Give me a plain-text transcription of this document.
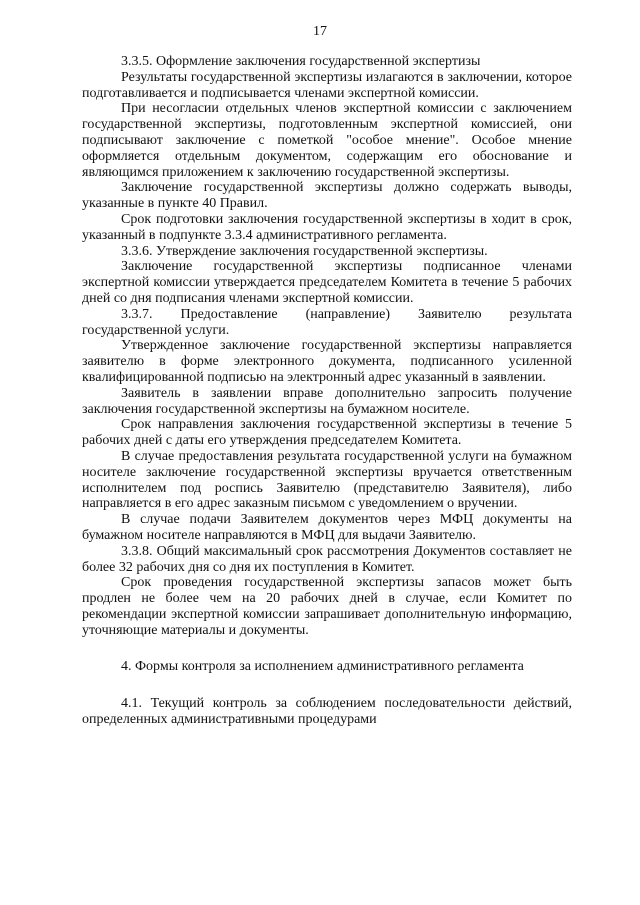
17

3.3.5. Оформление заключения государственной экспертизы

Результаты государственной экспертизы излагаются в заключении, которое подготавливается и подписывается членами экспертной комиссии.

При несогласии отдельных членов экспертной комиссии с заключением государственной экспертизы, подготовленным экспертной комиссией, они подписывают заключение с пометкой "особое мнение". Особое мнение оформляется отдельным документом, содержащим его обоснование и являющимся приложением к заключению государственной экспертизы.

Заключение государственной экспертизы должно содержать выводы, указанные в пункте 40 Правил.

Срок подготовки заключения государственной экспертизы в ходит в срок, указанный в подпункте 3.3.4 административного регламента.

3.3.6. Утверждение заключения государственной экспертизы.

Заключение государственной экспертизы подписанное членами экспертной комиссии утверждается председателем Комитета в течение 5 рабочих дней со дня подписания членами экспертной комиссии.

3.3.7. Предоставление (направление) Заявителю результата государственной услуги.

Утвержденное заключение государственной экспертизы направляется заявителю в форме электронного документа, подписанного усиленной квалифицированной подписью на электронный адрес указанный в заявлении.

Заявитель в заявлении вправе дополнительно запросить получение заключения государственной экспертизы на бумажном носителе.

Срок направления заключения государственной экспертизы в течение 5 рабочих дней с даты его утверждения председателем Комитета.

В случае предоставления результата государственной услуги на бумажном носителе заключение государственной экспертизы вручается ответственным исполнителем под роспись Заявителю (представителю Заявителя), либо направляется в его адрес заказным письмом с уведомлением о вручении.

В случае подачи Заявителем документов через МФЦ документы на бумажном носителе направляются в МФЦ для выдачи Заявителю.

3.3.8. Общий максимальный срок рассмотрения Документов составляет не более 32 рабочих дня со дня их поступления в Комитет.

Срок проведения государственной экспертизы запасов может быть продлен не более чем на 20 рабочих дней в случае, если Комитет по рекомендации экспертной комиссии запрашивает дополнительную информацию, уточняющие материалы и документы.

4. Формы контроля за исполнением административного регламента

4.1. Текущий контроль за соблюдением последовательности действий, определенных административными процедурами
